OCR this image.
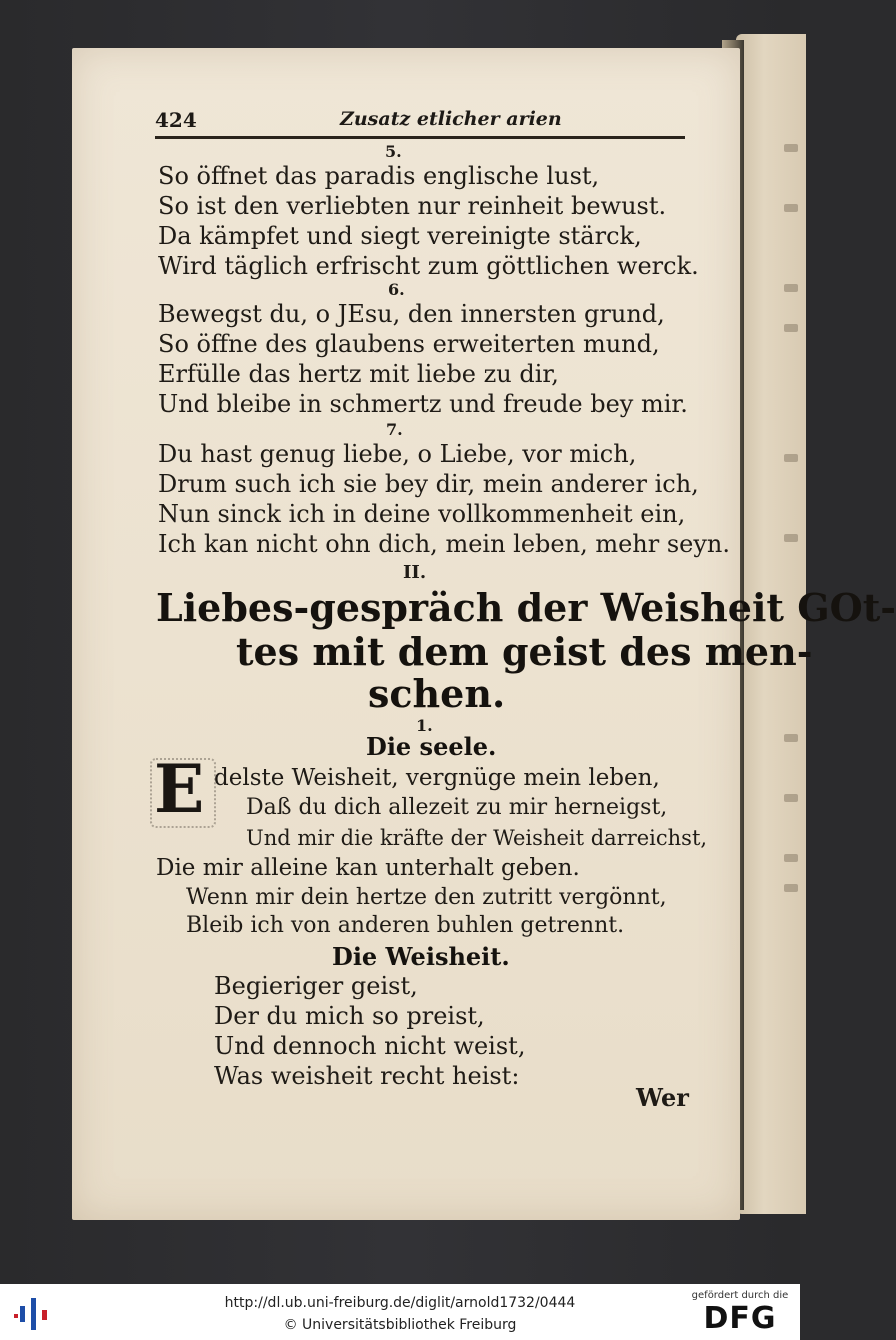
424	Zusatz etlicher arien
5.
So öffnet das paradis englische lust,
So ist den verliebten nur reinheit bewust.
Da kämpfet und siegt vereinigte stärck,
Wird täglich erfrischt zum göttlichen werck.
6.
Bewegst du, o JEsu, den innersten grund,
So öffne des glaubens erweiterten mund,
Erfülle das hertz mit liebe zu dir,
Und bleibe in schmertz und freude bey mir.
7.
Du hast genug liebe, o Liebe, vor mich,
Drum such ich sie bey dir, mein anderer ich,
Nun sinck ich in deine vollkommenheit ein,
Ich kan nicht ohn dich, mein leben, mehr seyn.
II.
Liebes-gespräch der Weisheit GOt-
tes mit dem geist des men-
schen.
1.
Die seele.
E delste Weisheit, vergnüge mein leben,
Daß du dich allezeit zu mir herneigst,
Und mir die kräfte der Weisheit darreichst,
Die mir alleine kan unterhalt geben.
Wenn mir dein hertze den zutritt vergönnt,
Bleib ich von anderen buhlen getrennt.
Die Weisheit.
Begieriger geist,
Der du mich so preist,
Und dennoch nicht weist,
Was weisheit recht heist:
Wer
http://dl.ub.uni-freiburg.de/diglit/arnold1732/0444
© Universitätsbibliothek Freiburg
gefördert durch die
DFG
